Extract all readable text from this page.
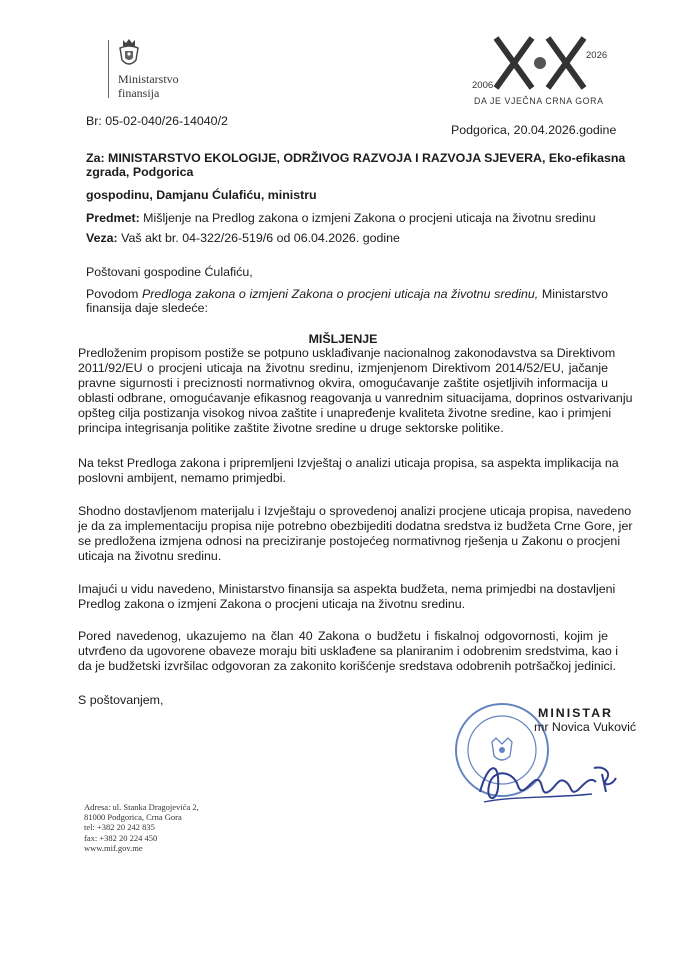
Ministarstvo
finansija
2006
2026
DA JE VJEČNA CRNA GORA
Br: 05-02-040/26-14040/2
Podgorica, 20.04.2026.godine
Za: MINISTARSTVO EKOLOGIJE, ODRŽIVOG RAZVOJA I RAZVOJA SJEVERA, Eko-efikasna
zgrada, Podgorica
gospodinu, Damjanu Ćulafiću, ministru
Predmet: Mišljenje na Predlog zakona o izmjeni Zakona o procjeni uticaja na životnu sredinu
Veza: Vaš akt br. 04-322/26-519/6 od 06.04.2026. godine
Poštovani gospodine Ćulafiću,
Povodom Predloga zakona o izmjeni Zakona o procjeni uticaja na životnu sredinu, Ministarstvo
finansija daje sledeće:
MIŠLJENJE
Predloženim propisom postiže se potpuno usklađivanje nacionalnog zakonodavstva sa Direktivom
2011/92/EU o procjeni uticaja na životnu sredinu, izmjenjenom Direktivom 2014/52/EU, jačanje
pravne sigurnosti i preciznosti normativnog okvira, omogućavanje zaštite osjetljivih informacija u
oblasti odbrane, omogućavanje efikasnog reagovanja u vanrednim situacijama, doprinos ostvarivanju
opšteg cilja postizanja visokog nivoa zaštite i unapređenje kvaliteta životne sredine, kao i primjeni
principa integrisanja politike zaštite životne sredine u druge sektorske politike.
Na tekst Predloga zakona i pripremljeni Izvještaj o analizi uticaja propisa, sa aspekta implikacija na
poslovni ambijent, nemamo primjedbi.
Shodno dostavljenom materijalu i Izvještaju o sprovedenoj analizi procjene uticaja propisa, navedeno
je da za implementaciju propisa nije potrebno obezbijediti dodatna sredstva iz budžeta Crne Gore, jer
se predložena izmjena odnosi na preciziranje postojećeg normativnog rješenja u Zakonu o procjeni
uticaja na životnu sredinu.
Imajući u vidu navedeno, Ministarstvo finansija sa aspekta budžeta, nema primjedbi na dostavljeni
Predlog zakona o izmjeni Zakona o procjeni uticaja na životnu sredinu.
Pored navedenog, ukazujemo na član 40 Zakona o budžetu i fiskalnoj odgovornosti, kojim je
utvrđeno da ugovorene obaveze moraju biti usklađene sa planiranim i odobrenim sredstvima, kao i
da je budžetski izvršilac odgovoran za zakonito korišćenje sredstava odobrenih potršačkoj jedinici.
S poštovanjem,
MINISTAR
mr Novica Vuković
Adresa: ul. Stanka Dragojevića 2,
81000 Podgorica, Crna Gora
tel: +382 20 242 835
fax: +382 20 224 450
www.mif.gov.me
